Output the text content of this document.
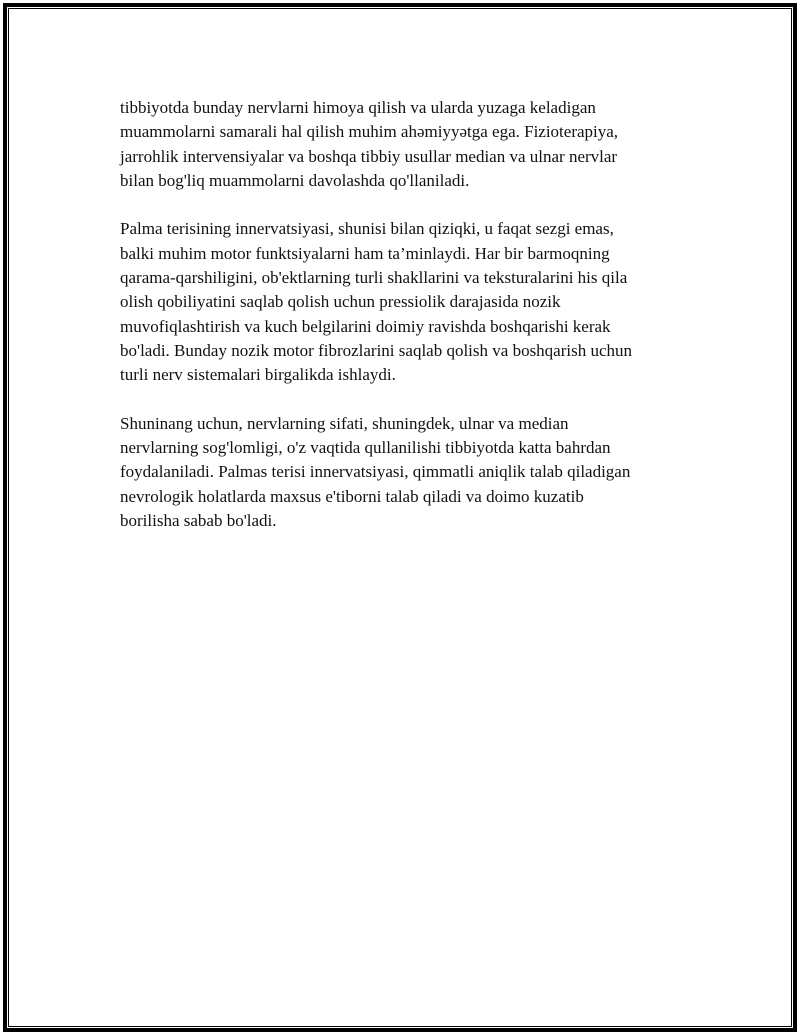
tibbiyotda bunday nervlarni himoya qilish va ularda yuzaga keladigan
muammolarni samarali hal qilish muhim ahəmiyyətga ega. Fizioterapiya,
jarrohlik intervensiyalar va boshqa tibbiy usullar median va ulnar nervlar
bilan bog'liq muammolarni davolashda qo'llaniladi.

Palma terisining innervatsiyasi, shunisi bilan qiziqki, u faqat sezgi emas,
balki muhim motor funktsiyalarni ham ta’minlaydi. Har bir barmoqning
qarama-qarshiligini, ob'ektlarning turli shakllarini va teksturalarini his qila
olish qobiliyatini saqlab qolish uchun pressiolik darajasida nozik
muvofiqlashtirish va kuch belgilarini doimiy ravishda boshqarishi kerak
bo'ladi. Bunday nozik motor fibrozlarini saqlab qolish va boshqarish uchun
turli nerv sistemalari birgalikda ishlaydi.

Shuninang uchun, nervlarning sifati, shuningdek, ulnar va median
nervlarning sog'lomligi, o'z vaqtida qullanilishi tibbiyotda katta bahrdan
foydalaniladi. Palmas terisi innervatsiyasi, qimmatli aniqlik talab qiladigan
nevrologik holatlarda maxsus e'tiborni talab qiladi va doimo kuzatib
borilisha sabab bo'ladi.
